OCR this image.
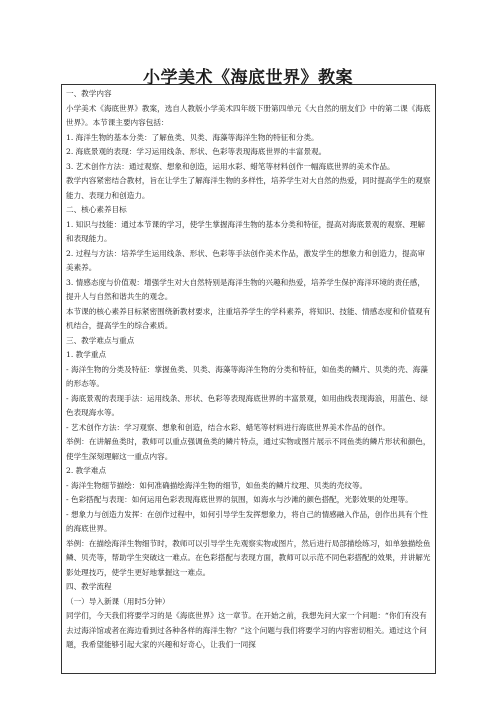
小学美术《海底世界》教案

一、教学内容

小学美术《海底世界》教案，选自人教版小学美术四年级下册第四单元《大自然的朋友们》中的第二课《海底世界》。本节课主要内容包括：

1. 海洋生物的基本分类：了解鱼类、贝类、海藻等海洋生物的特征和分类。

2. 海底景观的表现：学习运用线条、形状、色彩等表现海底世界的丰富景观。

3. 艺术创作方法：通过观察、想象和创造，运用水彩、蜡笔等材料创作一幅海底世界的美术作品。

教学内容紧密结合教材，旨在让学生了解海洋生物的多样性，培养学生对大自然的热爱，同时提高学生的观察能力、表现力和创造力。

二、核心素养目标

1. 知识与技能：通过本节课的学习，使学生掌握海洋生物的基本分类和特征，提高对海底景观的观察、理解和表现能力。

2. 过程与方法：培养学生运用线条、形状、色彩等手法创作美术作品，激发学生的想象力和创造力，提高审美素养。

3. 情感态度与价值观：增强学生对大自然特别是海洋生物的兴趣和热爱，培养学生保护海洋环境的责任感，提升人与自然和谐共生的观念。

本节课的核心素养目标紧密围绕新教材要求，注重培养学生的学科素养，将知识、技能、情感态度和价值观有机结合，提高学生的综合素质。

三、教学难点与重点

1. 教学重点

- 海洋生物的分类及特征：掌握鱼类、贝类、海藻等海洋生物的分类和特征，如鱼类的鳞片、贝类的壳、海藻的形态等。

- 海底景观的表现手法：运用线条、形状、色彩等表现海底世界的丰富景观，如用曲线表现海浪，用蓝色、绿色表现海水等。

- 艺术创作方法：学习观察、想象和创造，结合水彩、蜡笔等材料进行海底世界美术作品的创作。

举例：在讲解鱼类时，教师可以重点强调鱼类的鳞片特点，通过实物或图片展示不同鱼类的鳞片形状和颜色，使学生深刻理解这一重点内容。

2. 教学难点

- 海洋生物细节描绘：如何准确描绘海洋生物的细节，如鱼类的鳞片纹理、贝类的壳纹等。

- 色彩搭配与表现：如何运用色彩表现海底世界的氛围，如海水与沙滩的颜色搭配，光影效果的处理等。

- 想象力与创造力发挥：在创作过程中，如何引导学生发挥想象力，将自己的情感融入作品，创作出具有个性的海底世界。

举例：在描绘海洋生物细节时，教师可以引导学生先观察实物或图片，然后进行局部描绘练习，如单独描绘鱼鳞、贝壳等，帮助学生突破这一难点。在色彩搭配与表现方面，教师可以示范不同色彩搭配的效果，并讲解光影处理技巧，使学生更好地掌握这一难点。

四、教学流程

（一）导入新课（用时5分钟）

同学们，今天我们将要学习的是《海底世界》这一章节。在开始之前，我想先问大家一个问题：“你们有没有去过海洋馆或者在海边看到过各种各样的海洋生物？”这个问题与我们将要学习的内容密切相关。通过这个问题，我希望能够引起大家的兴趣和好奇心，让我们一同探
